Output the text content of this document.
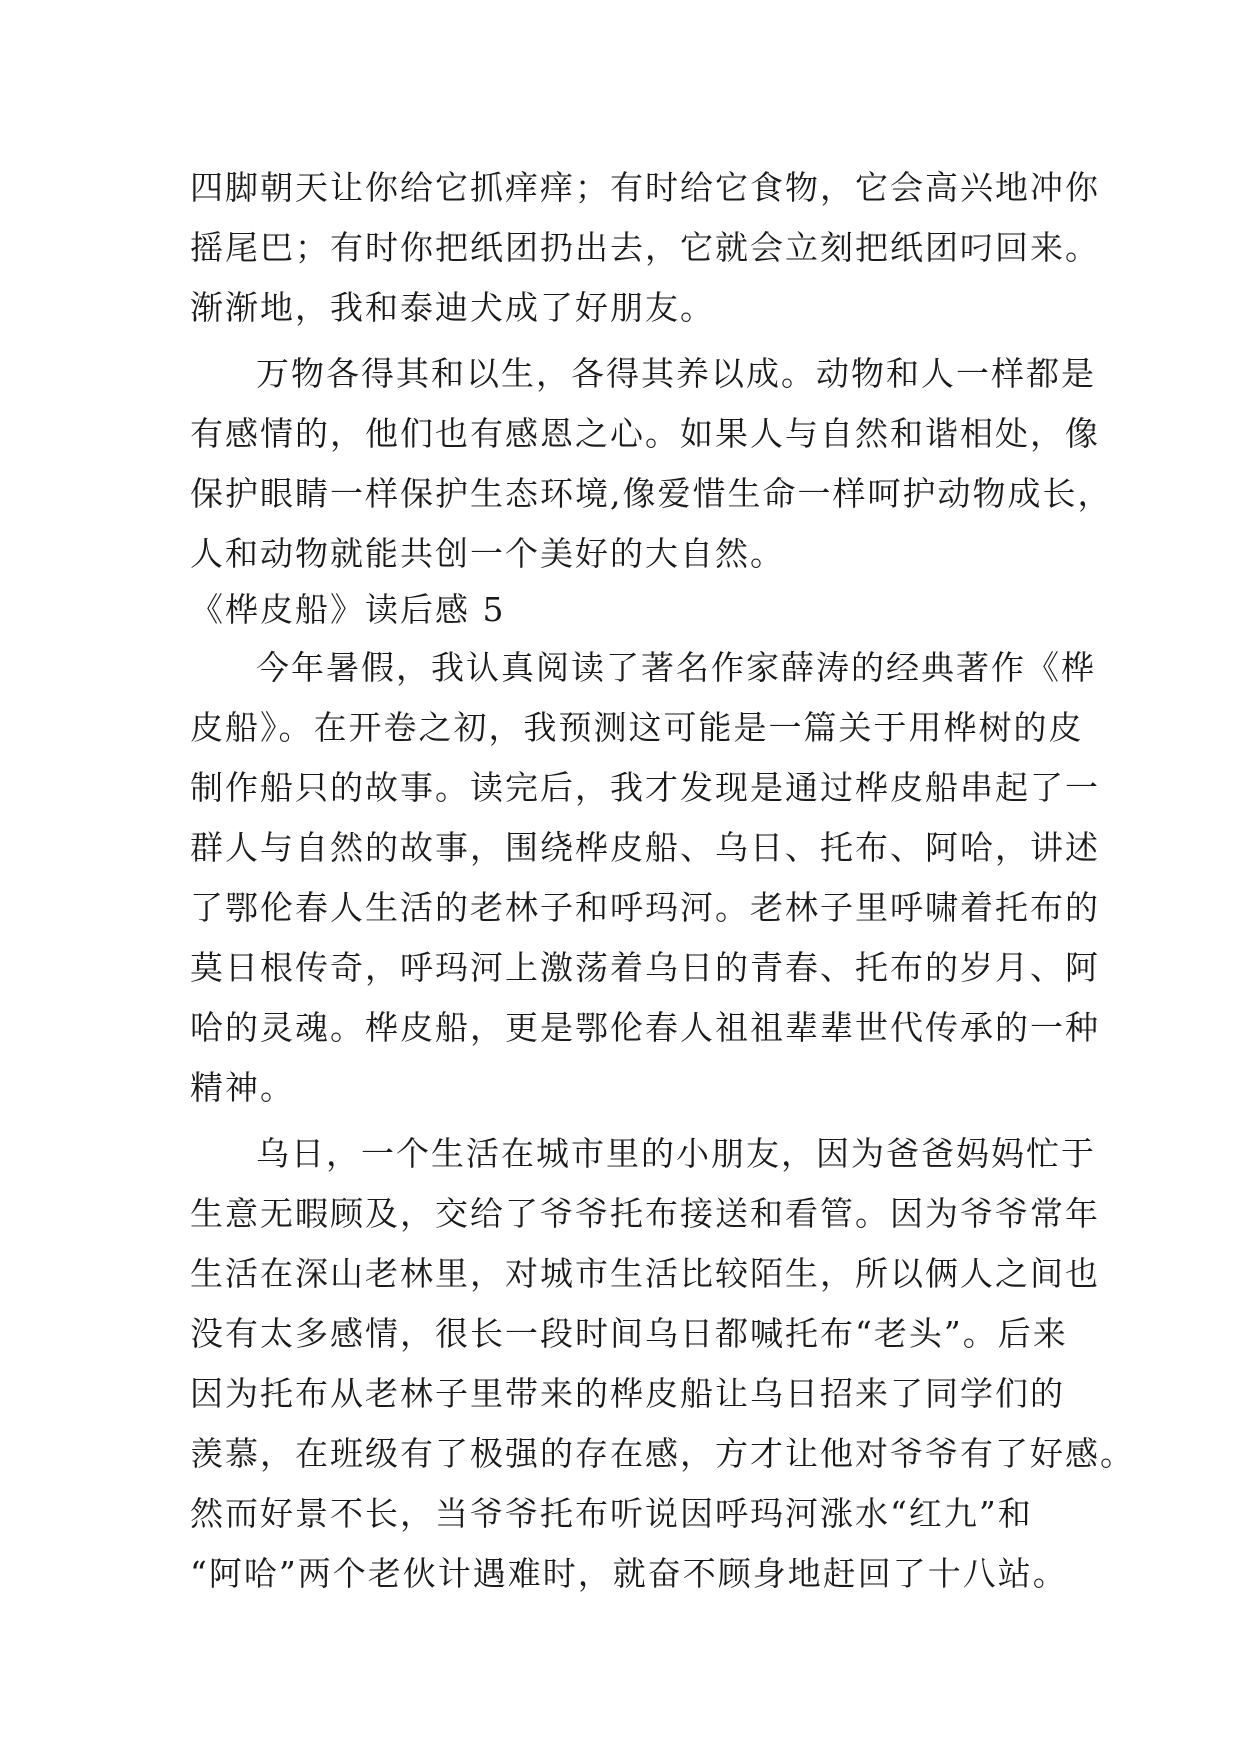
四脚朝天让你给它抓痒痒；有时给它食物，它会高兴地冲你
摇尾巴；有时你把纸团扔出去，它就会立刻把纸团叼回来。
渐渐地，我和泰迪犬成了好朋友。
万物各得其和以生，各得其养以成。动物和人一样都是
有感情的，他们也有感恩之心。如果人与自然和谐相处，像
保护眼睛一样保护生态环境,像爱惜生命一样呵护动物成长，
人和动物就能共创一个美好的大自然。
《桦皮船》读后感 5
今年暑假，我认真阅读了著名作家薛涛的经典著作《桦
皮船》。在开卷之初，我预测这可能是一篇关于用桦树的皮
制作船只的故事。读完后，我才发现是通过桦皮船串起了一
群人与自然的故事，围绕桦皮船、乌日、托布、阿哈，讲述
了鄂伦春人生活的老林子和呼玛河。老林子里呼啸着托布的
莫日根传奇，呼玛河上激荡着乌日的青春、托布的岁月、阿
哈的灵魂。桦皮船，更是鄂伦春人祖祖辈辈世代传承的一种
精神。
乌日，一个生活在城市里的小朋友，因为爸爸妈妈忙于
生意无暇顾及，交给了爷爷托布接送和看管。因为爷爷常年
生活在深山老林里，对城市生活比较陌生，所以俩人之间也
没有太多感情，很长一段时间乌日都喊托布“老头”。后来
因为托布从老林子里带来的桦皮船让乌日招来了同学们的
羡慕，在班级有了极强的存在感，方才让他对爷爷有了好感。
然而好景不长，当爷爷托布听说因呼玛河涨水“红九”和
“阿哈”两个老伙计遇难时，就奋不顾身地赶回了十八站。
